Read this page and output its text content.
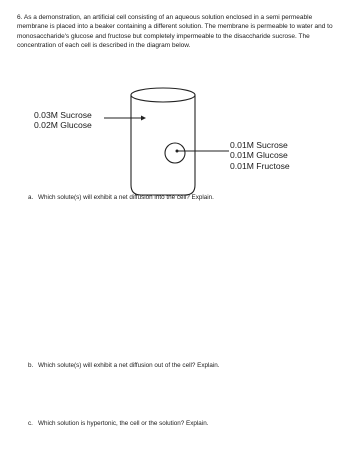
6. As a demonstration, an artificial cell consisting of an aqueous solution enclosed in a semi permeable membrane is placed into a beaker containing a different solution. The membrane is permeable to water and to monosaccharide's glucose and fructose but completely impermeable to the disaccharide sucrose. The concentration of each cell is described in the diagram below.

0.03M Sucrose
0.02M Glucose
0.01M Sucrose
0.01M Glucose
0.01M Fructose
a. Which solute(s) will exhibit a net diffusion into the cell? Explain.
b. Which solute(s) will exhibit a net diffusion out of the cell? Explain.
c. Which solution is hypertonic, the cell or the solution? Explain.
